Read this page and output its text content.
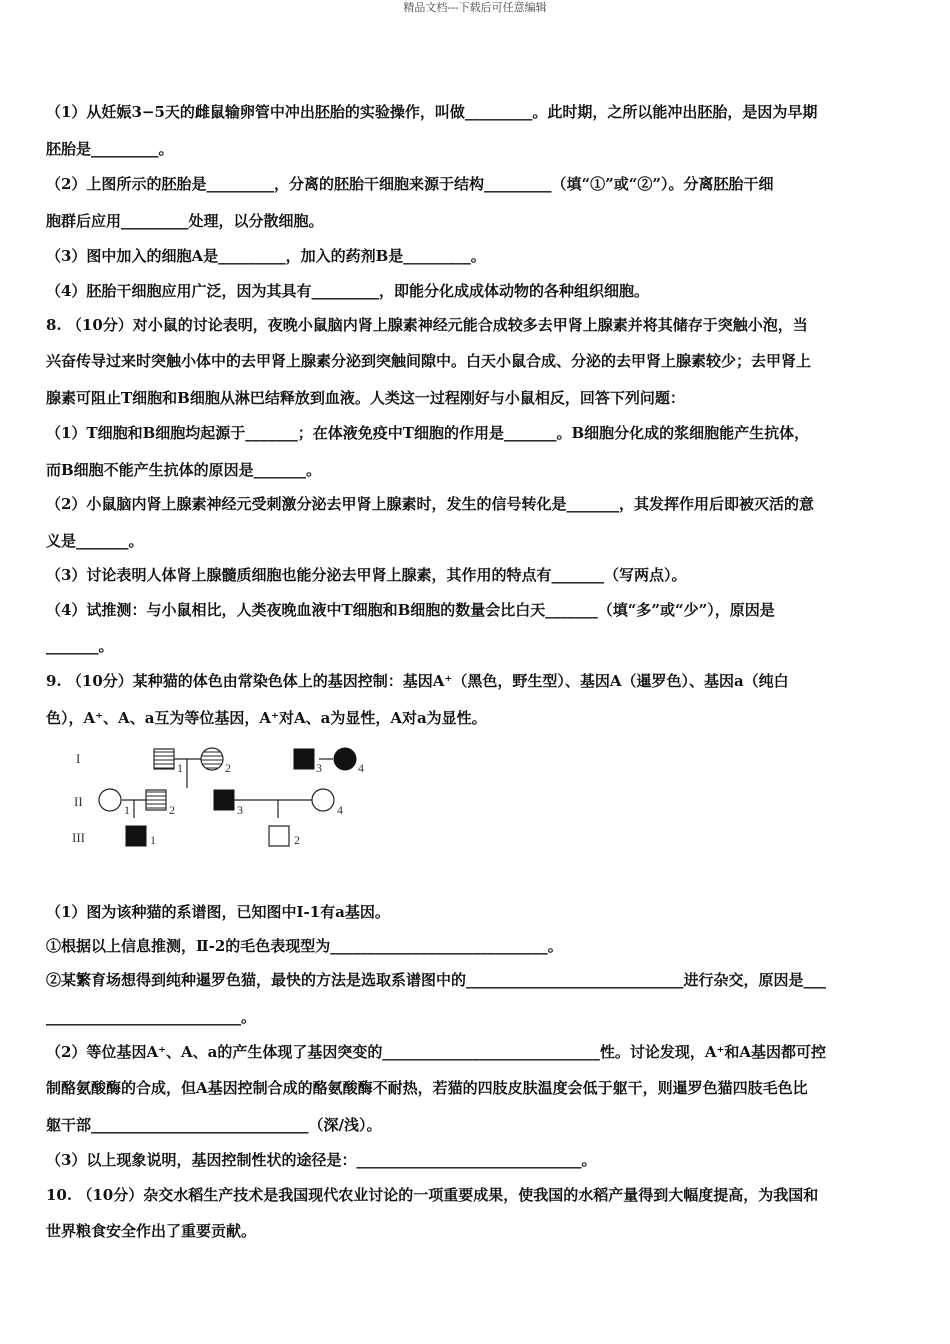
精品文档---下载后可任意编辑
（1）从妊娠3−5天的雌鼠输卵管中冲出胚胎的实验操作，叫做_________。此时期，之所以能冲出胚胎，是因为早期
胚胎是_________。
（2）上图所示的胚胎是_________，分离的胚胎干细胞来源于结构_________（填“①”或“②”）。分离胚胎干细
胞群后应用_________处理，以分散细胞。
（3）图中加入的细胞A是_________，加入的药剂B是_________。
（4）胚胎干细胞应用广泛，因为其具有_________，即能分化成成体动物的各种组织细胞。
8. （10分）对小鼠的讨论表明，夜晚小鼠脑内肾上腺素神经元能合成较多去甲肾上腺素并将其储存于突触小泡，当
兴奋传导过来时突触小体中的去甲肾上腺素分泌到突触间隙中。白天小鼠合成、分泌的去甲肾上腺素较少；去甲肾上
腺素可阻止T细胞和B细胞从淋巴结释放到血液。人类这一过程刚好与小鼠相反，回答下列问题：
（1）T细胞和B细胞均起源于_______；在体液免疫中T细胞的作用是_______。B细胞分化成的浆细胞能产生抗体，
而B细胞不能产生抗体的原因是_______。
（2）小鼠脑内肾上腺素神经元受刺激分泌去甲肾上腺素时，发生的信号转化是_______，其发挥作用后即被灭活的意
义是_______。
（3）讨论表明人体肾上腺髓质细胞也能分泌去甲肾上腺素，其作用的特点有_______（写两点）。
（4）试推测：与小鼠相比，人类夜晚血液中T细胞和B细胞的数量会比白天_______（填“多”或“少”），原因是
_______。
9. （10分）某种猫的体色由常染色体上的基因控制：基因A⁺（黑色，野生型）、基因A（暹罗色）、基因a（纯白
色），A⁺、A、a互为等位基因，A⁺对A、a为显性，A对a为显性。
I
II
III
1	2	3	4
1	2	3	4
1	2
（1）图为该种猫的系谱图，已知图中Ⅰ-1有a基因。
①根据以上信息推测，Ⅱ-2的毛色表现型为_____________________________。
②某繁育场想得到纯种暹罗色猫，最快的方法是选取系谱图中的_____________________________进行杂交，原因是___
__________________________。
（2）等位基因A⁺、A、a的产生体现了基因突变的_____________________________性。讨论发现，A⁺和A基因都可控
制酪氨酸酶的合成，但A基因控制合成的酪氨酸酶不耐热，若猫的四肢皮肤温度会低于躯干，则暹罗色猫四肢毛色比
躯干部_____________________________（深/浅）。
（3）以上现象说明，基因控制性状的途径是：______________________________。
10. （10分）杂交水稻生产技术是我国现代农业讨论的一项重要成果，使我国的水稻产量得到大幅度提高，为我国和
世界粮食安全作出了重要贡献。
